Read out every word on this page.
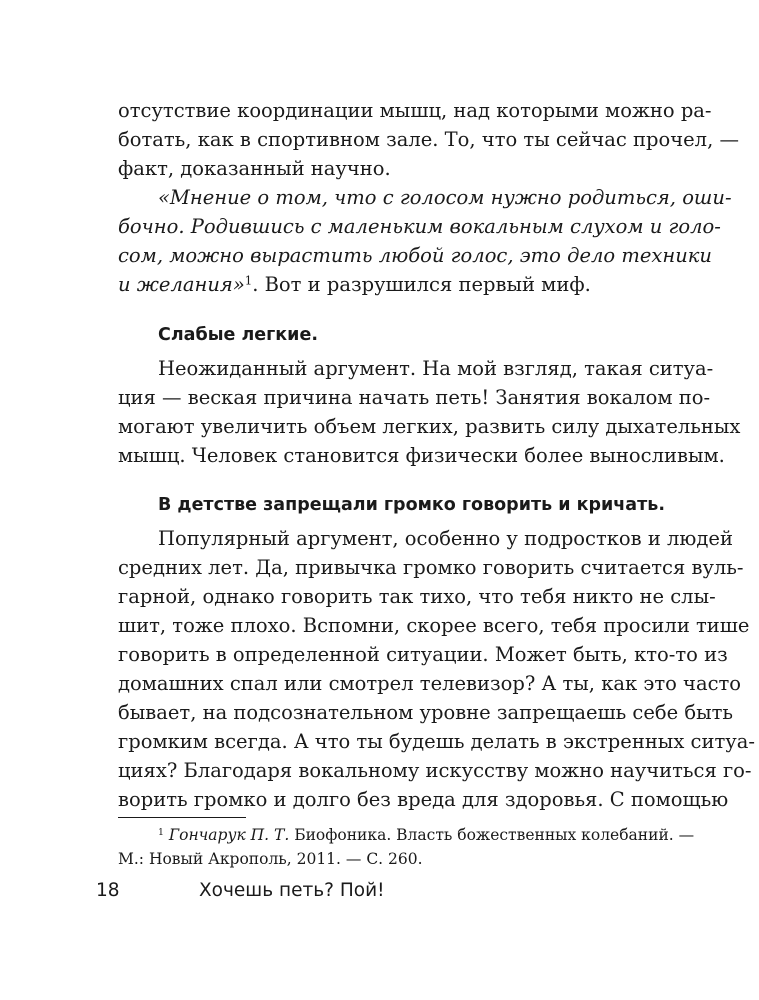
отсутствие координации мышц, над которыми можно ра-
ботать, как в спортивном зале. То, что ты сейчас прочел, —
факт, доказанный научно.
«Мнение о том, что с голосом нужно родиться, оши-
бочно. Родившись с маленьким вокальным слухом и голо-
сом, можно вырастить любой голос, это дело техники
и желания»$^1$. Вот и разрушился первый миф.
Слабые легкие.
Неожиданный аргумент. На мой взгляд, такая ситуа-
ция — веская причина начать петь! Занятия вокалом по-
могают увеличить объем легких, развить силу дыхательных
мышц. Человек становится физически более выносливым.
В детстве запрещали громко говорить и кричать.
Популярный аргумент, особенно у подростков и людей
средних лет. Да, привычка громко говорить считается вуль-
гарной, однако говорить так тихо, что тебя никто не слы-
шит, тоже плохо. Вспомни, скорее всего, тебя просили тише
говорить в определенной ситуации. Может быть, кто-то из
домашних спал или смотрел телевизор? А ты, как это часто
бывает, на подсознательном уровне запрещаешь себе быть
громким всегда. А что ты будешь делать в экстренных ситуа-
циях? Благодаря вокальному искусству можно научиться го-
ворить громко и долго без вреда для здоровья. С помощью
$^1$ Гончарук П. Т. Биофоника. Власть божественных колебаний. —
М.: Новый Акрополь, 2011. — С. 260.
18	Хочешь петь? Пой!
